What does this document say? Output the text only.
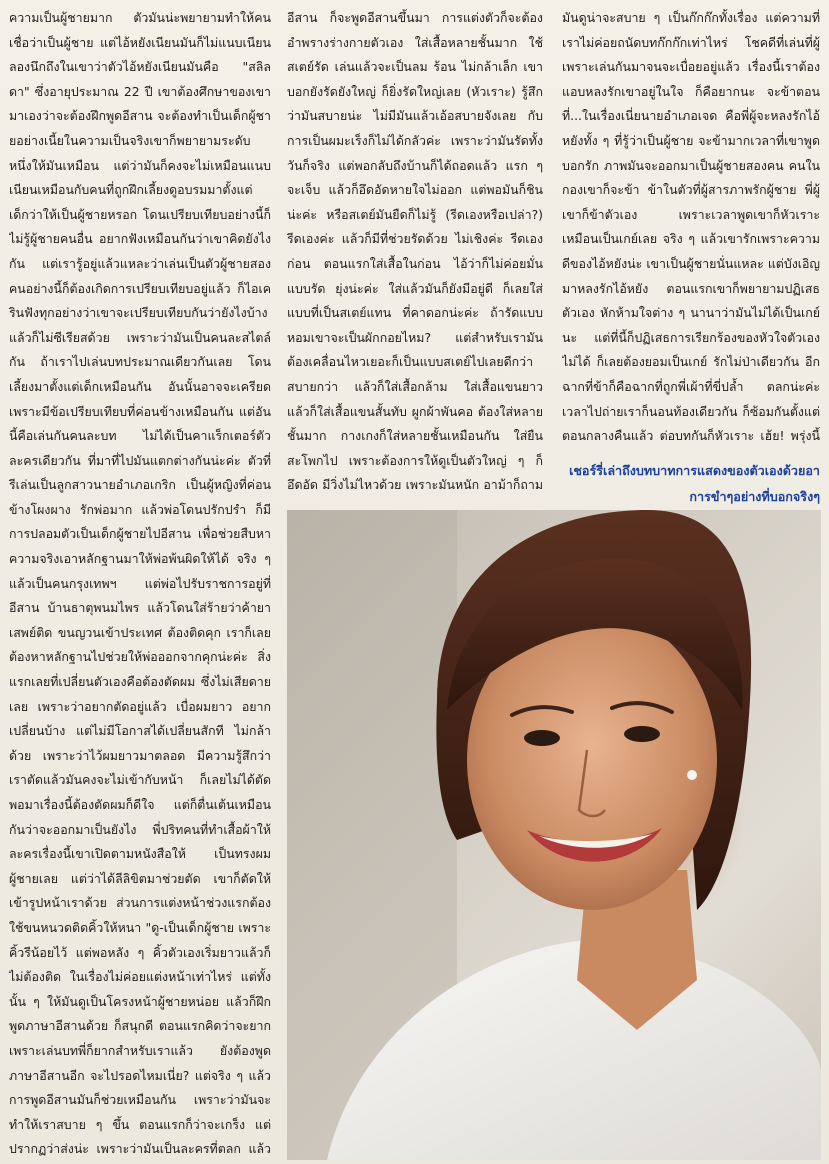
ความเป็นผู้ชายมาก ตัวมันน่ะพยายามทำให้คนเชื่อว่าเป็นผู้ชาย แต่ไอ้หยังเนียนมันก็ไม่แนบเนียน ลองนึกถึงในเขาว่าตัวไอ้หยังเนียนมันคือ "สลิลดา" ซึ่งอายุประมาณ 22 ปี เขาต้องศึกษาของเขามาเองว่าจะต้องฝึกพูดอีสาน จะต้องทำเป็นเด็กผู้ชายอย่างเนี้ยในความเป็นจริงเขาก็พยายามระดับหนึ่งให้มันเหมือน แต่ว่ามันก็คงจะไม่เหมือนแนบเนียนเหมือนกับคนที่ถูกฝึกเลี้ยงดูอบรมมาตั้งแต่เด็กว่าให้เป็นผู้ชายหรอก โดนเปรียบเทียบอย่างนี้ก็ไม่รู้ผู้ชายคนอื่น อยากฟังเหมือนกันว่าเขาคิดยังไงกัน แต่เรารู้อยู่แล้วแหละว่าเล่นเป็นตัวผู้ชายสองคนอย่างนี้ก็ต้องเกิดการเปรียบเทียบอยู่แล้ว ก็ไอเครินฟังทุกอย่างว่าเขาจะเปรียบเทียบกันว่ายังไงบ้าง แล้วก็ไม่ซีเรียสด้วย เพราะว่ามันเป็นคนละสไตล์กัน ถ้าเราไปเล่นบทประมาณเดียวกันเลย โดนเลี้ยงมาตั้งแต่เด็กเหมือนกัน อันนั้นอาจจะเครียด เพราะมีข้อเปรียบเทียบที่ค่อนข้างเหมือนกัน แต่อันนี้คือเล่นกันคนละบท ไม่ได้เป็นคาแร็กเตอร์ตัวละครเดียวกัน ที่มาที่ไปมันแตกต่างกันน่ะค่ะ ตัวที่รีเล่นเป็นลูกสาวนายอำเภอเกริก เป็นผู้หญิงที่ค่อนข้างโผงผาง รักพ่อมาก แล้วพ่อโดนปรักปรำ ก็มีการปลอมตัวเป็นเด็กผู้ชายไปอีสาน เพื่อช่วยสืบหาความจริงเอาหลักฐานมาให้พ่อพ้นผิดให้ได้ จริง ๆ แล้วเป็นคนกรุงเทพฯ แต่พ่อไปรับราชการอยู่ที่อีสาน บ้านธาตุพนมไพร แล้วโดนใส่ร้ายว่าค้ายาเสพย์ติด ขนญวนเข้าประเทศ ต้องติดคุก เราก็เลยต้องหาหลักฐานไปช่วยให้พ่อออกจากคุกน่ะค่ะ สิ่งแรกเลยที่เปลี่ยนตัวเองคือต้องตัดผม ซึ่งไม่เสียดายเลย เพราะว่าอยากตัดอยู่แล้ว เบื่อผมยาว อยากเปลี่ยนบ้าง แต่ไม่มีโอกาสได้เปลี่ยนสักที ไม่กล้าด้วย เพราะว่าไว้ผมยาวมาตลอด มีความรู้สึกว่าเราตัดแล้วมันคงจะไม่เข้ากับหน้า ก็เลยไม่ได้ตัด พอมาเรื่องนี้ต้องตัดผมก็ดีใจ แต่ก็ตื่นเต้นเหมือนกันว่าจะออกมาเป็นยังไง พี่ปริทคนที่ทำเสื้อผ้าให้ละครเรื่องนี้เขาเปิดตามหนังสือให้ เป็นทรงผมผู้ชายเลย แต่ว่าได้ลีลิขิตมาช่วยตัด เขาก็ตัดให้เข้ารูปหน้าเราด้วย ส่วนการแต่งหน้าช่วงแรกต้องใช้ขนหนวดติดคิ้วให้หนา "ดู-เป็นเด็กผู้ชาย เพราะคิ้วรีน้อยไว้ แต่พอหลัง ๆ คิ้วตัวเองเริ่มยาวแล้วก็ไม่ต้องติด ในเรื่องไม่ค่อยแต่งหน้าเท่าไหร่ แต่ทั้งนั้น ๆ ให้มันดูเป็นโครงหน้าผู้ชายหน่อย แล้วก็ฝึกพูดภาษาอีสานด้วย ก็สนุกดี ตอนแรกคิดว่าจะยาก เพราะเล่นบทพี่ก็ยากสำหรับเราแล้ว ยังต้องพูดภาษาอีสานอีก จะไปรอดไหมเนี่ย? แต่จริง ๆ แล้วการพูดอีสานมันก็ช่วยเหมือนกัน เพราะว่ามันจะทำให้เราสบาย ๆ ขึ้น ตอนแรกก็ว่าจะเกร็ง แต่ปรากฏว่าส่งน่ะ เพราะว่ามันเป็นละครที่ตลก แล้ว

อีสาน ก็จะพูดอีสานขึ้นมา การแต่งตัวก็จะต้องอำพรางร่างกายตัวเอง ใส่เสื้อหลายชั้นมาก ใช้สเตย์รัด เล่นแล้วจะเป็นลม ร้อน ไม่กล้าเล็ก เขาบอกยังรัดยังใหญ่ ก็ยิ่งรัดใหญ่เลย (หัวเราะ) รู้สึกว่ามันสบายน่ะ ไม่มีมันแล้วเอ้อสบายจังเลย กับการเป็นผมะเร็งก็ไม่ได้กลัวค่ะ เพราะว่ามันรัดทั้งวันก็จริง แต่พอกลับถึงบ้านก็ได้ถอดแล้ว แรก ๆ จะเจ็บ แล้วก็อึดอัดหายใจไม่ออก แต่พอมันก็ชินน่ะค่ะ หรือสเตย์มันยืดก็ไม่รู้ (รีดเองหรือเปล่า?) รีดเองค่ะ แล้วก็มีที่ช่วยรัดด้วย ไม่เชิงค่ะ รีดเองก่อน ตอนแรกใส่เสื้อในก่อน ไอ้ว่าก็ไม่ค่อยมั่นแบบรัด ยุ่งน่ะค่ะ ใส่แล้วมันก็ยังมีอยู่ดี ก็เลยใส่แบบที่เป็นสเตย์แทน ที่คาดอกน่ะค่ะ ถ้ารัดแบบหอมเขาจะเป็นผักกอยไหม? แต่สำหรับเรามันต้องเคลื่อนไหวเยอะก็เป็นแบบสเตย์ไปเลยดีกว่า สบายกว่า แล้วก็ใส่เสื้อกล้าม ใส่เสื้อแขนยาว แล้วก็ใส่เสื้อแขนสั้นทับ ผูกผ้าพันคอ ต้องใส่หลายชั้นมาก กางเกงก็ใส่หลายชั้นเหมือนกัน ใส่ยืนสะโพกไป เพราะต้องการให้ดูเป็นตัวใหญ่ ๆ ก็อึดอัด มีวิ่งไม่ไหวด้วย เพราะมันหนัก อาม้าก็ถาม

มันดูน่าจะสบาย ๆ เป็นก๊กก๊กทั้งเรื่อง แต่ความที่เราไม่ค่อยถนัดบทก๊กก๊กเท่าไหร่ โชคดีที่เล่นที่ผู้ เพราะเล่นกันมาจนจะเบื่อยอยู่แล้ว เรื่องนี้เราต้องแอบหลงรักเขาอยู่ในใจ ก็คือยากนะ จะข้าตอนที่...ในเรื่องเนี่ยนายอำเภอเจด คือพี่ผู้จะหลงรักไอ้หยังทั้ง ๆ ที่รู้ว่าเป็นผู้ชาย จะข้ามากเวลาที่เขาพูดบอกรัก ภาพมันจะออกมาเป็นผู้ชายสองคน คนในกองเขาก็จะข้า ข้าในตัวที่ผู้สารภาพรักผู้ชาย พี่ผู้เขาก็ข้าตัวเอง เพราะเวลาพูดเขาก็หัวเราะ เหมือนเป็นเกย์เลย จริง ๆ แล้วเขารักเพราะความดีของไอ้หยังน่ะ เขาเป็นผู้ชายนั่นแหละ แต่บังเอิญมาหลงรักไอ้หยัง ตอนแรกเขาก็พยายามปฏิเสธตัวเอง หักห้ามใจต่าง ๆ นานาว่ามันไม่ได้เป็นเกย์นะ แต่ที่นี้ก็ปฏิเสธการเรียกร้องของหัวใจตัวเองไม่ได้ ก็เลยต้องยอมเป็นเกย์ รักไม่ป่าเดียวกัน อีกฉากที่ข้าก็คือฉากที่ถูกพี่เผ้าที่ขี่ปล้ำ ตลกน่ะค่ะ เวลาไปถ่ายเราก็นอนท้องเดียวกัน ก็ซ้อมกันตั้งแต่ตอนกลางคืนแล้ว ต่อบทกันก็หัวเราะ เฮ้ย! พรุ่งนี้

เชอร์รี่เล่าถึงบทบาทการแสดงของตัวเองด้วยอาการขำๆอย่างที่บอกจริงๆ
